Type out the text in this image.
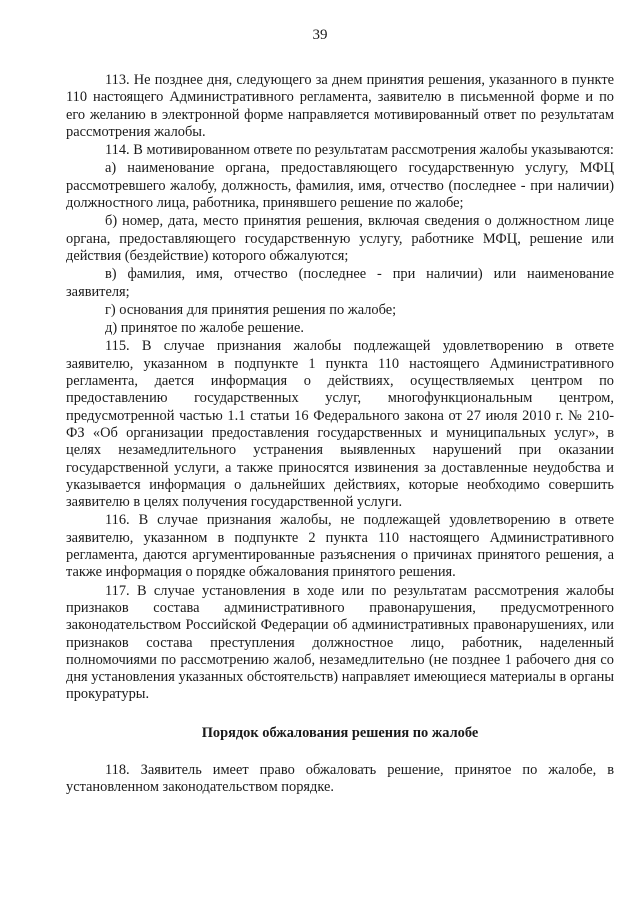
39

113. Не позднее дня, следующего за днем принятия решения, указанного в пункте 110 настоящего Административного регламента, заявителю в письменной форме и по его желанию в электронной форме направляется мотивированный ответ по результатам рассмотрения жалобы.

114. В мотивированном ответе по результатам рассмотрения жалобы указываются:

а) наименование органа, предоставляющего государственную услугу, МФЦ рассмотревшего жалобу, должность, фамилия, имя, отчество (последнее - при наличии) должностного лица, работника, принявшего решение по жалобе;

б) номер, дата, место принятия решения, включая сведения о должностном лице органа, предоставляющего государственную услугу, работнике МФЦ, решение или действия (бездействие) которого обжалуются;

в) фамилия, имя, отчество (последнее - при наличии) или наименование заявителя;

г) основания для принятия решения по жалобе;

д) принятое по жалобе решение.

115. В случае признания жалобы подлежащей удовлетворению в ответе заявителю, указанном в подпункте 1 пункта 110 настоящего Административного регламента, дается информация о действиях, осуществляемых центром по предоставлению государственных услуг, многофункциональным центром, предусмотренной частью 1.1 статьи 16 Федерального закона от 27 июля 2010 г. № 210-ФЗ «Об организации предоставления государственных и муниципальных услуг», в целях незамедлительного устранения выявленных нарушений при оказании государственной услуги, а также приносятся извинения за доставленные неудобства и указывается информация о дальнейших действиях, которые необходимо совершить заявителю в целях получения государственной услуги.

116. В случае признания жалобы, не подлежащей удовлетворению в ответе заявителю, указанном в подпункте 2 пункта 110 настоящего Административного регламента, даются аргументированные разъяснения о причинах принятого решения, а также информация о порядке обжалования принятого решения.

117. В случае установления в ходе или по результатам рассмотрения жалобы признаков состава административного правонарушения, предусмотренного законодательством Российской Федерации об административных правонарушениях, или признаков состава преступления должностное лицо, работник, наделенный полномочиями по рассмотрению жалоб, незамедлительно (не позднее 1 рабочего дня со дня установления указанных обстоятельств) направляет имеющиеся материалы в органы прокуратуры.

Порядок обжалования решения по жалобе

118. Заявитель имеет право обжаловать решение, принятое по жалобе, в установленном законодательством порядке.
